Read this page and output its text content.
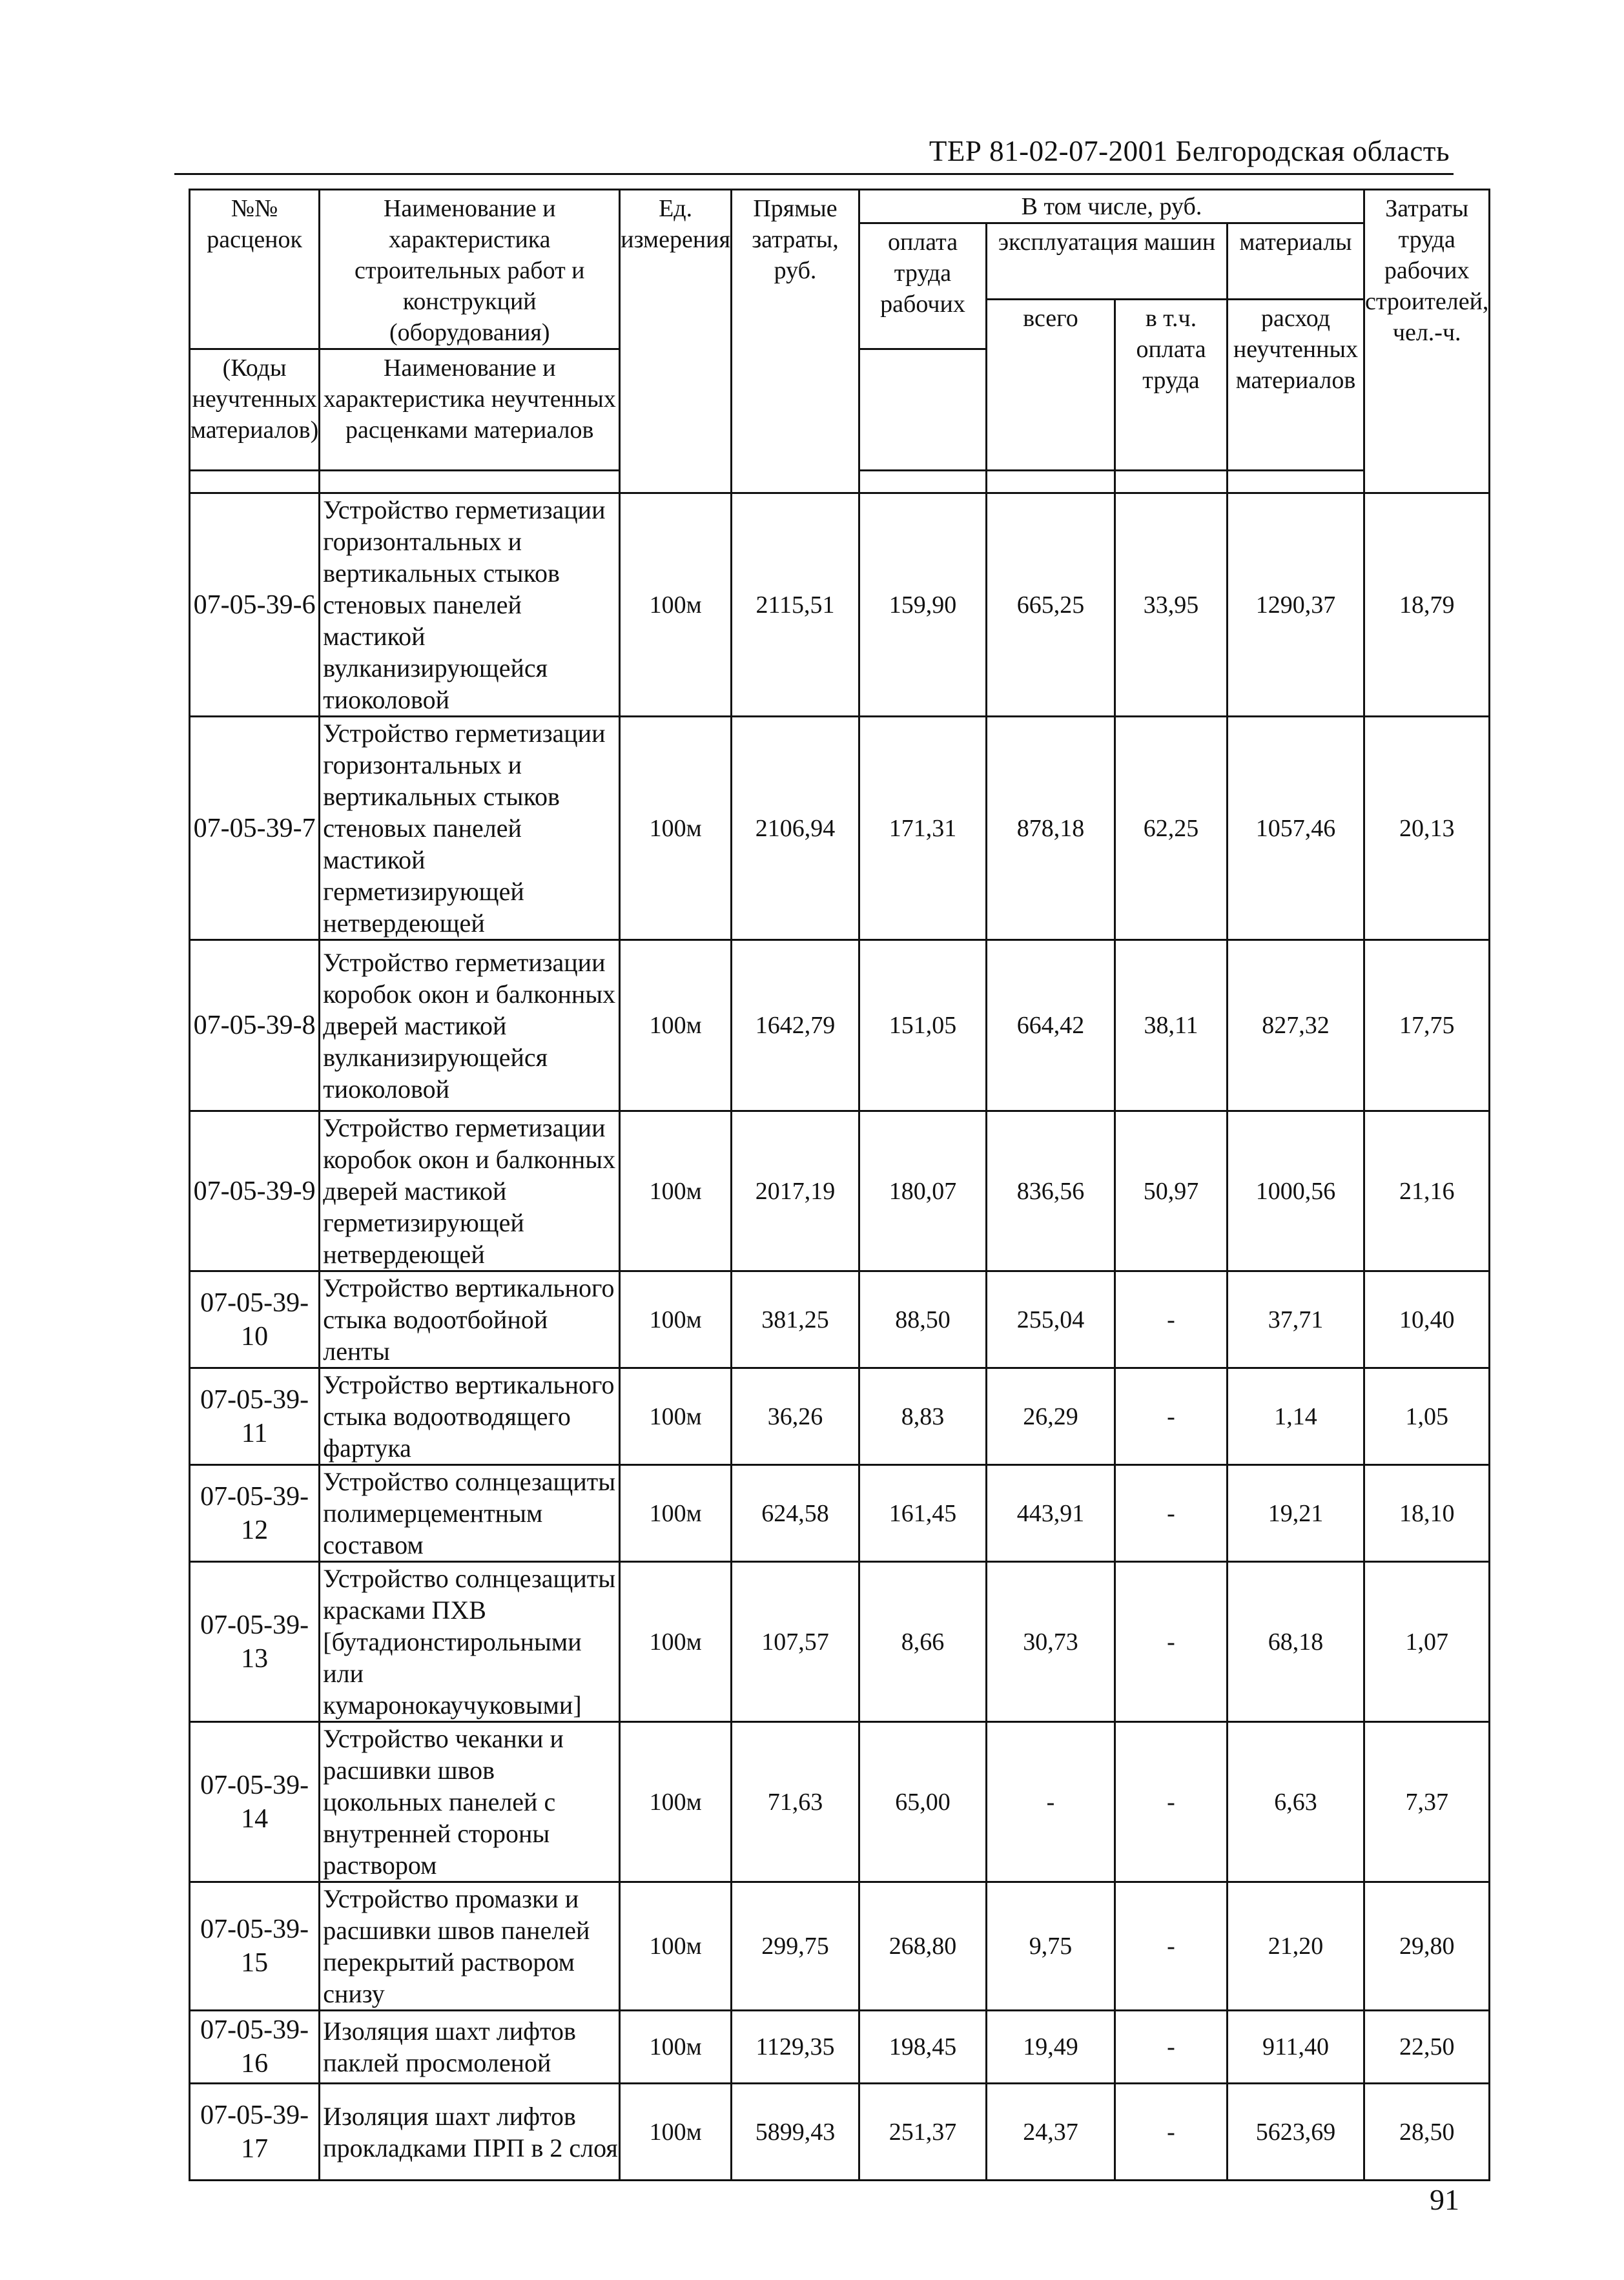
ТЕР 81-02-07-2001 Белгородская область
№№ расценок	Наименование и характеристика строительных работ и конструкций (оборудования)	Ед. измерения	Прямые затраты, руб.	В том числе, руб.				Затраты труда рабочих строителей, чел.-ч.
				оплата труда рабочих	эксплуатация машин		материалы	
					всего	в т.ч. оплата труда	расход неучтенных материалов	
(Коды неучтенных материалов)	Наименование и характеристика неучтенных расценками материалов							

07-05-39-6	Устройство герметизации горизонтальных и вертикальных стыков стеновых панелей мастикой вулканизирующейся тиоколовой	100м	2115,51	159,90	665,25	33,95	1290,37	18,79
07-05-39-7	Устройство герметизации горизонтальных и вертикальных стыков стеновых панелей мастикой герметизирующей нетвердеющей	100м	2106,94	171,31	878,18	62,25	1057,46	20,13
07-05-39-8	Устройство герметизации коробок окон и балконных дверей мастикой вулканизирующейся тиоколовой	100м	1642,79	151,05	664,42	38,11	827,32	17,75
07-05-39-9	Устройство герметизации коробок окон и балконных дверей мастикой герметизирующей нетвердеющей	100м	2017,19	180,07	836,56	50,97	1000,56	21,16
07-05-39-10	Устройство вертикального стыка водоотбойной ленты	100м	381,25	88,50	255,04	-	37,71	10,40
07-05-39-11	Устройство вертикального стыка водоотводящего фартука	100м	36,26	8,83	26,29	-	1,14	1,05
07-05-39-12	Устройство солнцезащиты полимерцементным составом	100м	624,58	161,45	443,91	-	19,21	18,10
07-05-39-13	Устройство солнцезащиты красками ПХВ [бутадионстирольными или кумаронокаучуковыми]	100м	107,57	8,66	30,73	-	68,18	1,07
07-05-39-14	Устройство чеканки и расшивки швов цокольных панелей с внутренней стороны раствором	100м	71,63	65,00	-	-	6,63	7,37
07-05-39-15	Устройство промазки и расшивки швов панелей перекрытий раствором снизу	100м	299,75	268,80	9,75	-	21,20	29,80
07-05-39-16	Изоляция шахт лифтов паклей просмоленой	100м	1129,35	198,45	19,49	-	911,40	22,50
07-05-39-17	Изоляция шахт лифтов прокладками ПРП в 2 слоя	100м	5899,43	251,37	24,37	-	5623,69	28,50
91
